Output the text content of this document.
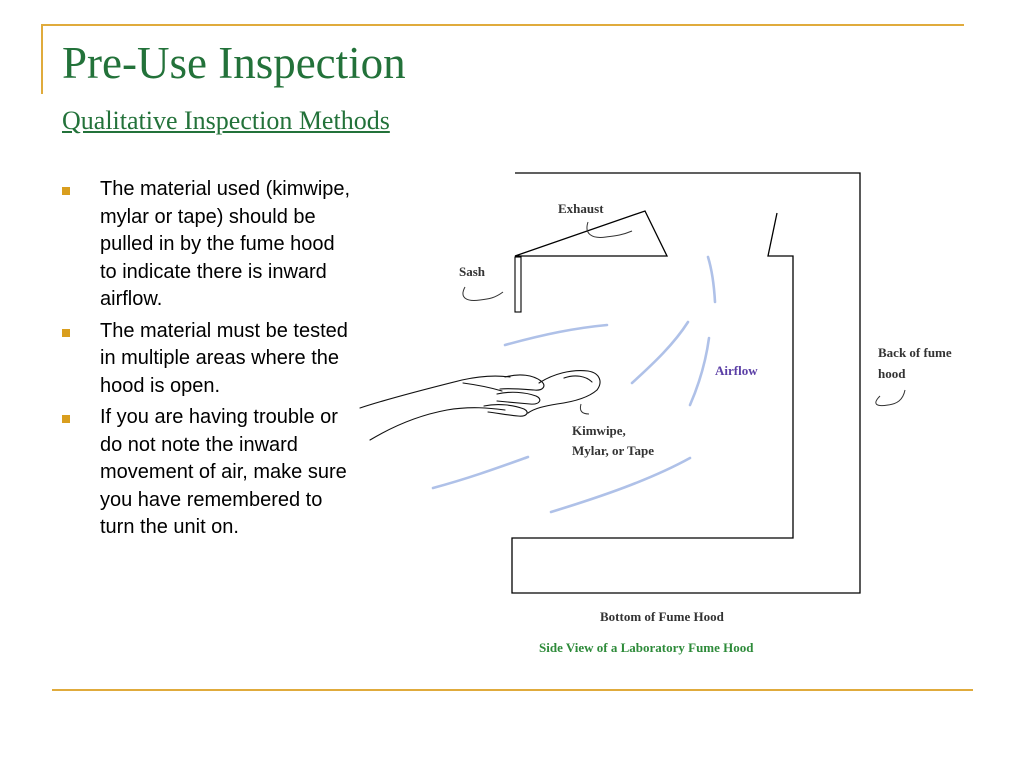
Pre-Use Inspection
Qualitative Inspection Methods
The material used (kimwipe, mylar or tape) should be pulled in by the fume hood to indicate there is inward airflow.
The material must be tested in multiple areas where the hood is open.
If you are having trouble or do not note the inward movement of air, make sure you have remembered to turn the unit on.
Exhaust
Sash
Airflow
Back of fume
hood
Kimwipe,
Mylar, or Tape
Bottom of Fume Hood
Side View of a Laboratory Fume Hood
